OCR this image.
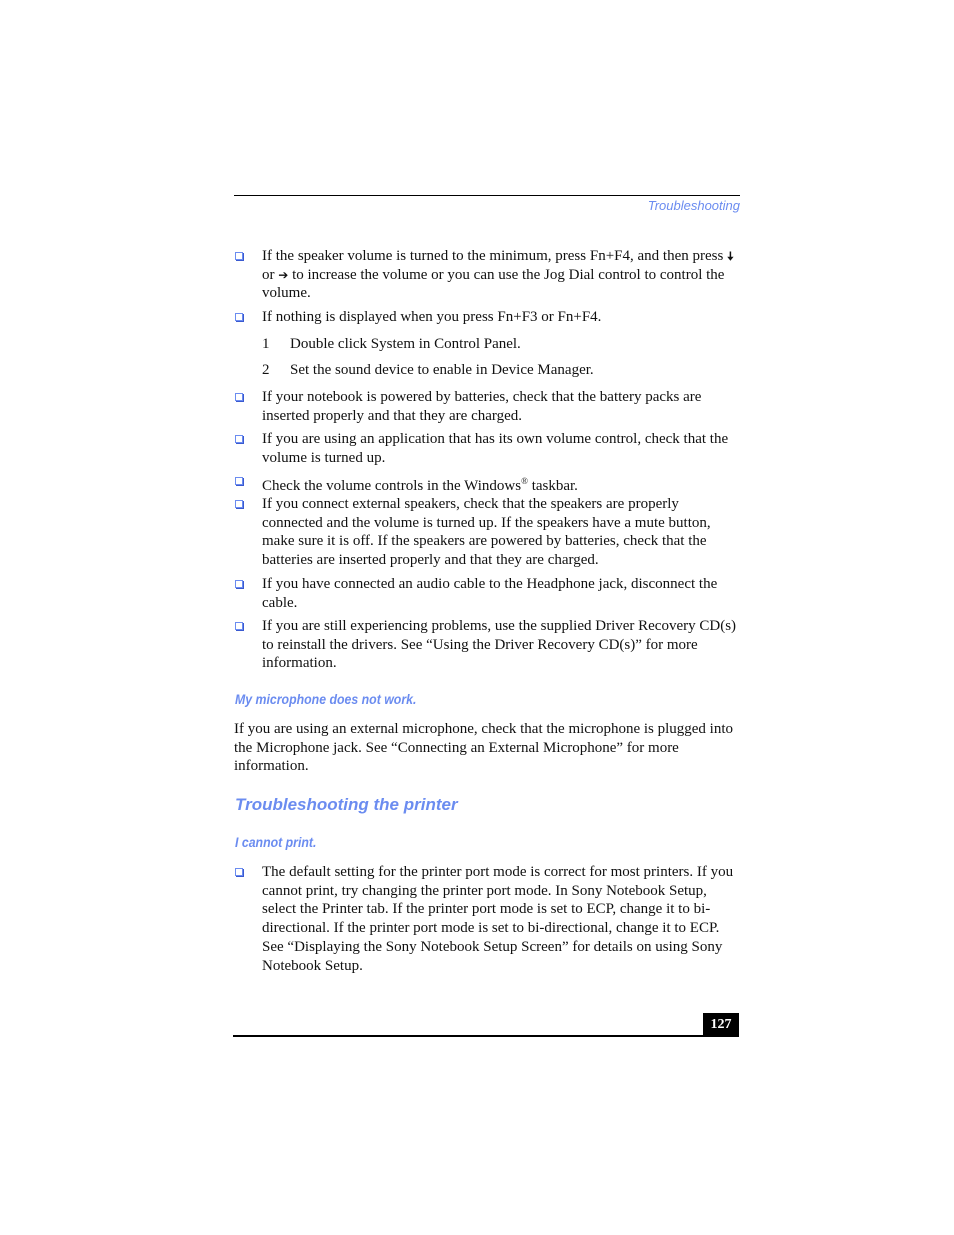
Troubleshooting
If the speaker volume is turned to the minimum, press Fn+F4, and then press 🠇 or ➔ to increase the volume or you can use the Jog Dial control to control the volume.
If nothing is displayed when you press Fn+F3 or Fn+F4.
1 Double click System in Control Panel.
2 Set the sound device to enable in Device Manager.
If your notebook is powered by batteries, check that the battery packs are inserted properly and that they are charged.
If you are using an application that has its own volume control, check that the volume is turned up.
Check the volume controls in the Windows® taskbar.
If you connect external speakers, check that the speakers are properly connected and the volume is turned up. If the speakers have a mute button, make sure it is off. If the speakers are powered by batteries, check that the batteries are inserted properly and that they are charged.
If you have connected an audio cable to the Headphone jack, disconnect the cable.
If you are still experiencing problems, use the supplied Driver Recovery CD(s) to reinstall the drivers. See “Using the Driver Recovery CD(s)” for more information.
My microphone does not work.
If you are using an external microphone, check that the microphone is plugged into the Microphone jack. See “Connecting an External Microphone” for more information.
Troubleshooting the printer
I cannot print.
The default setting for the printer port mode is correct for most printers. If you cannot print, try changing the printer port mode. In Sony Notebook Setup, select the Printer tab. If the printer port mode is set to ECP, change it to bi-directional. If the printer port mode is set to bi-directional, change it to ECP. See “Displaying the Sony Notebook Setup Screen” for details on using Sony Notebook Setup.
127
